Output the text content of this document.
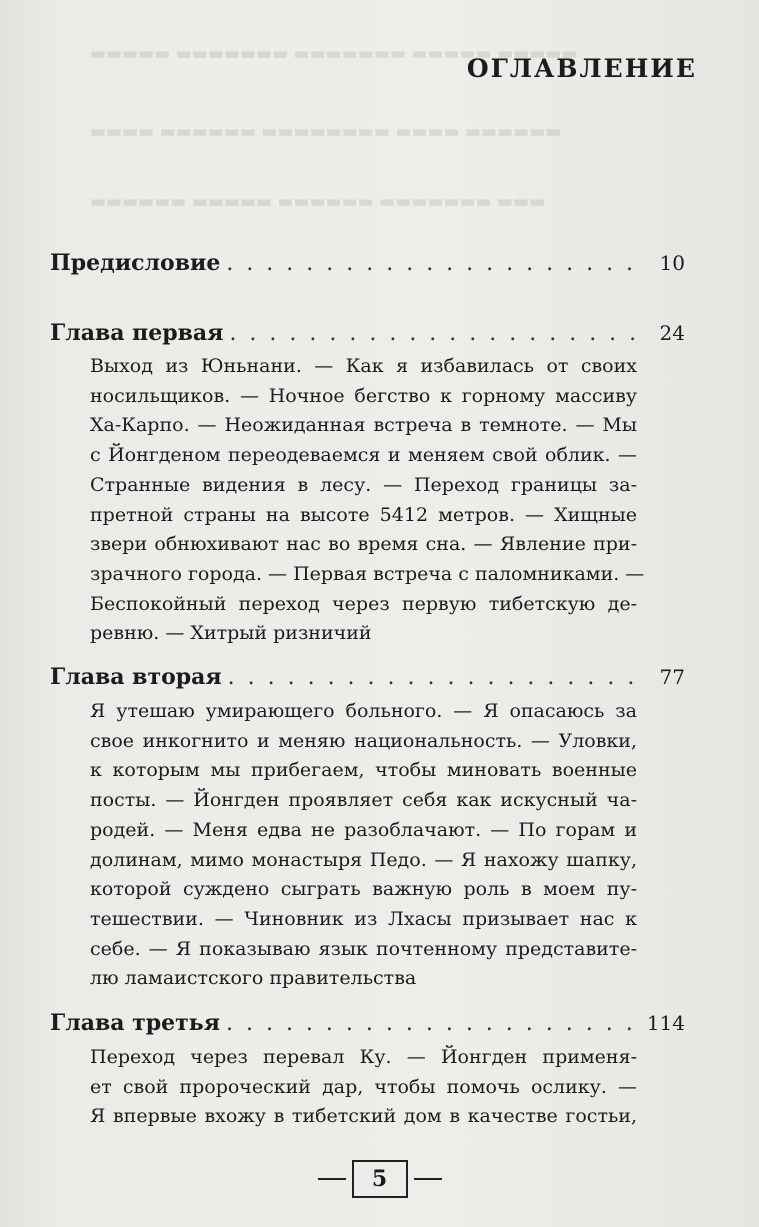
▬▬▬▬▬ ▬▬▬▬▬▬▬ ▬▬▬▬▬▬▬ ▬▬▬▬▬ ▬▬▬▬▬
▬▬▬▬ ▬▬▬▬▬▬ ▬▬▬▬▬▬▬▬ ▬▬▬▬ ▬▬▬▬▬▬
▬▬▬▬▬▬ ▬▬▬▬▬ ▬▬▬▬▬▬ ▬▬▬▬▬▬▬ ▬▬▬
ОГЛАВЛЕНИЕ
Предисловие . . .	10
Глава первая . . .	24
Выход из Юньнани. — Как я избавилась от своих
носильщиков. — Ночное бегство к горному массиву
Ха-Карпо. — Неожиданная встреча в темноте. — Мы
с Йонгденом переодеваемся и меняем свой облик. —
Странные видения в лесу. — Переход границы за-
претной страны на высоте 5412 метров. — Хищные
звери обнюхивают нас во время сна. — Явление при-
зрачного города. — Первая встреча с паломниками. —
Беспокойный переход через первую тибетскую де-
ревню. — Хитрый ризничий
Глава вторая . . .	77
Я утешаю умирающего больного. — Я опасаюсь за
свое инкогнито и меняю национальность. — Уловки,
к которым мы прибегаем, чтобы миновать военные
посты. — Йонгден проявляет себя как искусный ча-
родей. — Меня едва не разоблачают. — По горам и
долинам, мимо монастыря Педо. — Я нахожу шапку,
которой суждено сыграть важную роль в моем пу-
тешествии. — Чиновник из Лхасы призывает нас к
себе. — Я показываю язык почтенному представите-
лю ламаистского правительства
Глава третья . . .	114
Переход через перевал Ку. — Йонгден применя-
ет свой пророческий дар, чтобы помочь ослику. —
Я впервые вхожу в тибетский дом в качестве гостьи,
5
